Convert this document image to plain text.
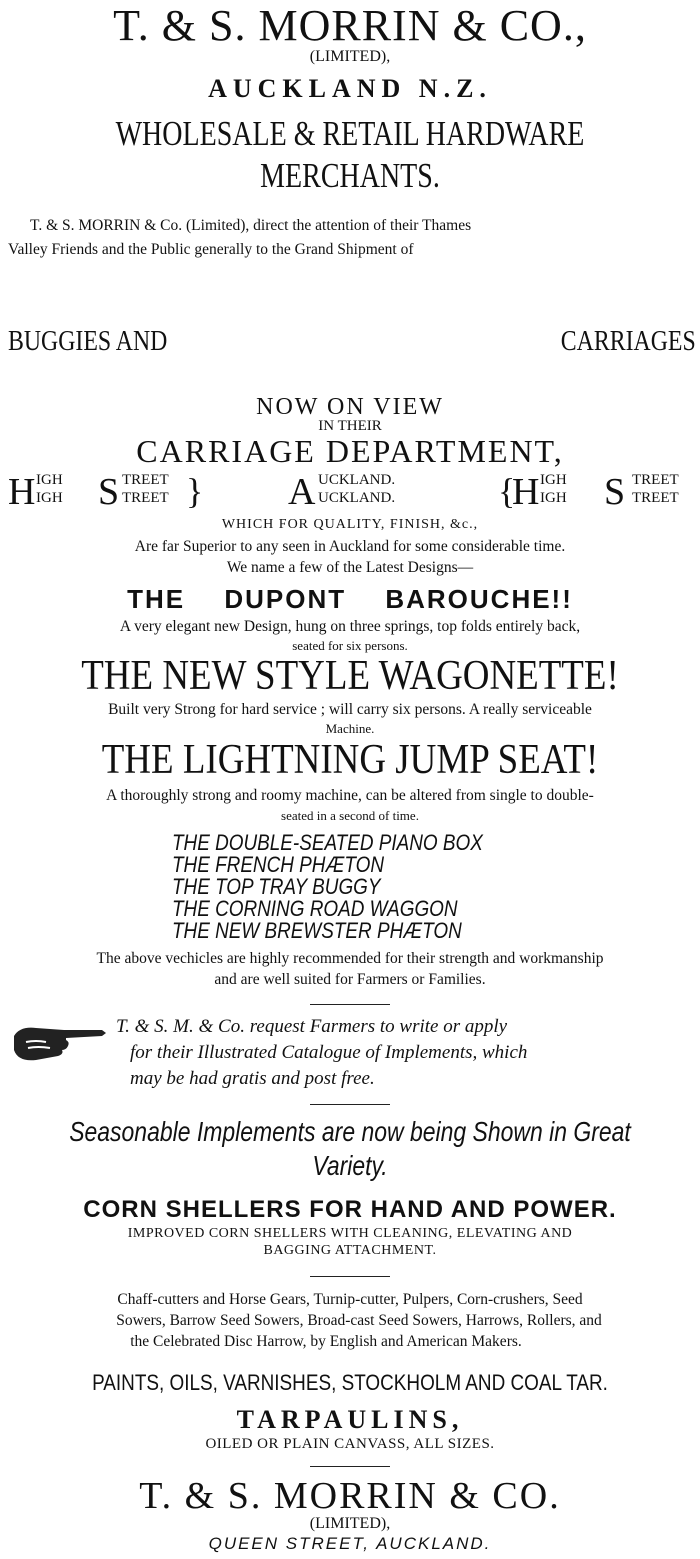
T. & S. MORRIN & CO.,
(LIMITED),
AUCKLAND N.Z.
WHOLESALE & RETAIL HARDWARE
MERCHANTS.
T. & S. MORRIN & Co. (Limited), direct the attention of their Thames
Valley Friends and the Public generally to the Grand Shipment of
BUGGIES AND	CARRIAGES
NOW ON VIEW
IN THEIR
CARRIAGE DEPARTMENT,
H IGH
IGH S TREET
TREET } A UCKLAND.
UCKLAND.	{
H IGH
IGH S TREET
TREET
WHICH FOR QUALITY, FINISH, &c.,
Are far Superior to any seen in Auckland for some considerable time.
We name a few of the Latest Designs—
THE DUPONT BAROUCHE!!
A very elegant new Design, hung on three springs, top folds entirely back,
seated for six persons.
THE NEW STYLE WAGONETTE!
Built very Strong for hard service ; will carry six persons. A really serviceable
Machine.
THE LIGHTNING JUMP SEAT!
A thoroughly strong and roomy machine, can be altered from single to double-
seated in a second of time.
THE DOUBLE-SEATED PIANO BOX
THE FRENCH PHÆTON
THE TOP TRAY BUGGY
THE CORNING ROAD WAGGON
THE NEW BREWSTER PHÆTON
The above vechicles are highly recommended for their strength and workmanship
and are well suited for Farmers or Families.
T. & S. M. & Co. request Farmers to write or apply
for their Illustrated Catalogue of Implements, which
may be had gratis and post free.
Seasonable Implements are now being Shown in Great
Variety.
CORN SHELLERS FOR HAND AND POWER.
IMPROVED CORN SHELLERS WITH CLEANING, ELEVATING AND
BAGGING ATTACHMENT.
Chaff-cutters and Horse Gears, Turnip-cutter, Pulpers, Corn-crushers, Seed
Sowers, Barrow Seed Sowers, Broad-cast Seed Sowers, Harrows, Rollers, and
the Celebrated Disc Harrow, by English and American Makers.
PAINTS, OILS, VARNISHES, STOCKHOLM AND COAL TAR.
TARPAULINS,
OILED OR PLAIN CANVASS, ALL SIZES.
T. & S. MORRIN & CO.
(LIMITED),
QUEEN STREET, AUCKLAND.
